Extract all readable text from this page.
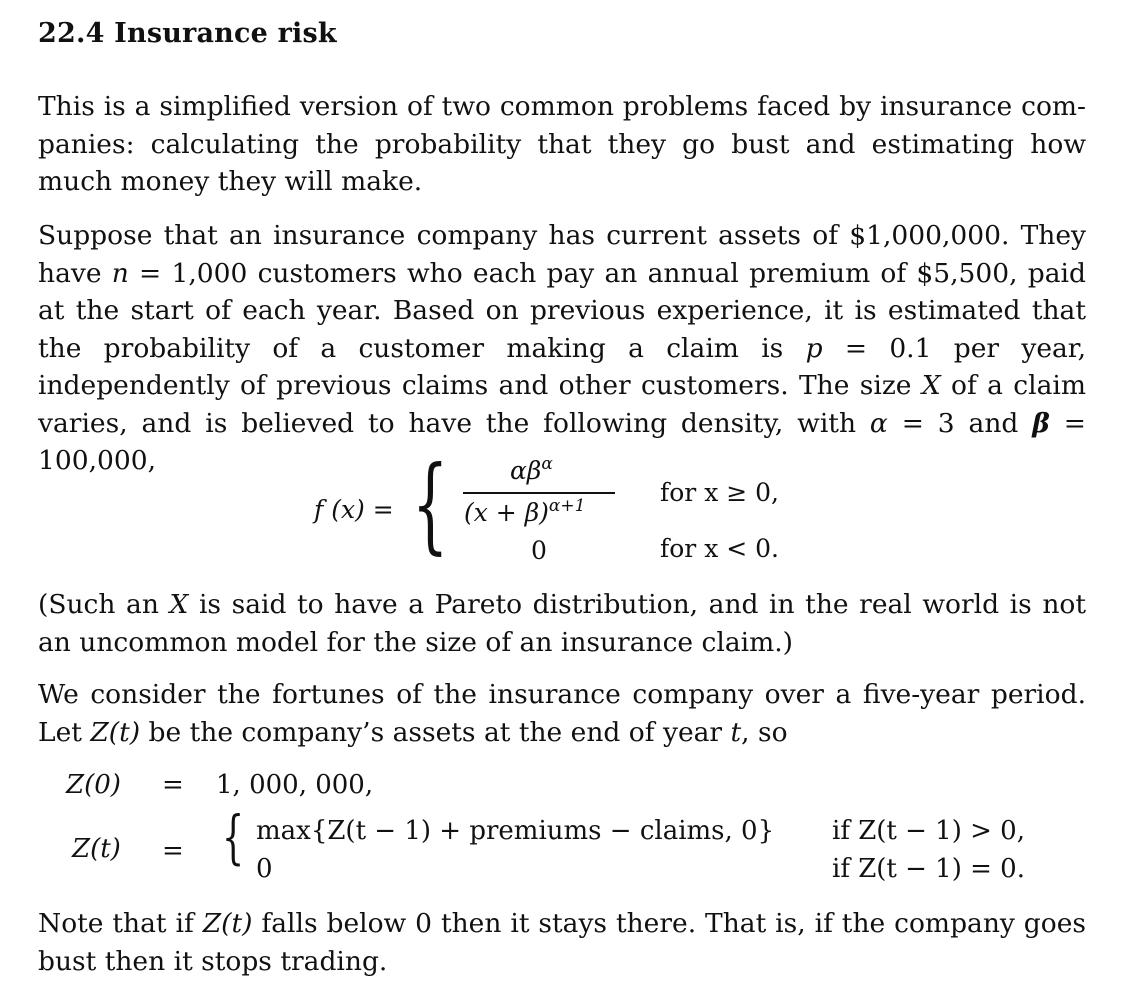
22.4 Insurance risk
This is a simplified version of two common problems faced by insurance com-panies: calculating the probability that they go bust and estimating how much money they will make.
Suppose that an insurance company has current assets of $1,000,000. They have n = 1,000 customers who each pay an annual premium of $5,500, paid at the start of each year. Based on previous experience, it is estimated that the probability of a customer making a claim is p = 0.1 per year, independently of previous claims and other customers. The size X of a claim varies, and is believed to have the following density, with α = 3 and β = 100,000,
f (x) = { $\alpha\beta^\alpha$
$(x + \beta)^{\alpha+1}$
0
for x ≥ 0,
for x < 0.
(Such an X is said to have a Pareto distribution, and in the real world is not an uncommon model for the size of an insurance claim.)
We consider the fortunes of the insurance company over a five-year period. Let Z(t) be the company’s assets at the end of year t, so
Z(0) = 1, 000, 000,
Z(t) = { max{Z(t − 1) + premiums − claims, 0}
0
if Z(t − 1) > 0,
if Z(t − 1) = 0.
Note that if Z(t) falls below 0 then it stays there. That is, if the company goes bust then it stops trading.
